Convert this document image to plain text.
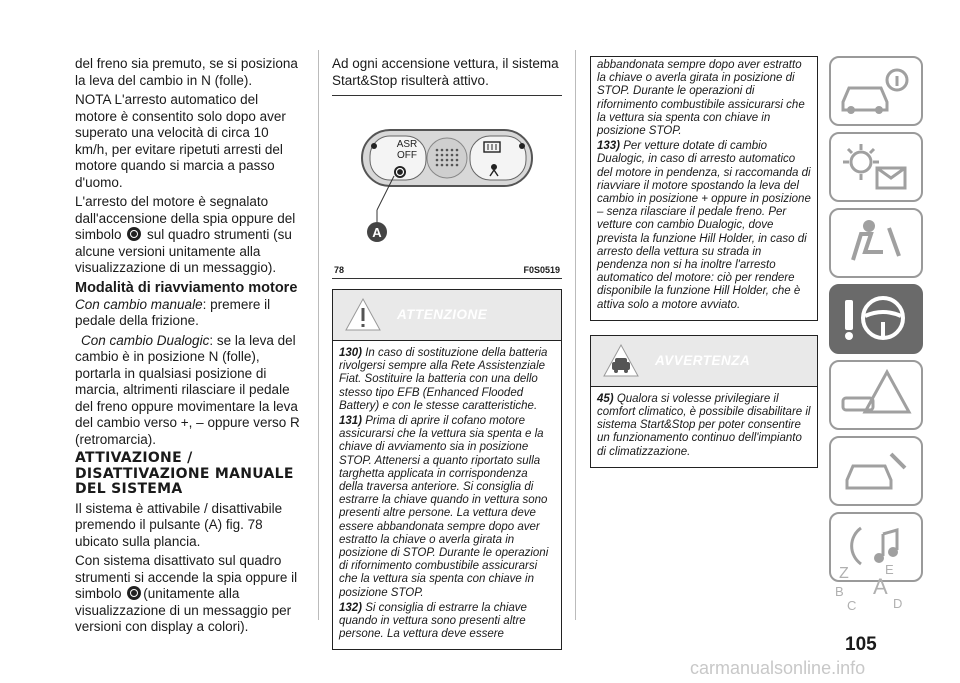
del freno sia premuto, se si posiziona la leva del cambio in N (folle).

NOTA L'arresto automatico del motore è consentito solo dopo aver superato una velocità di circa 10 km/h, per evitare ripetuti arresti del motore quando si marcia a passo d'uomo.

L'arresto del motore è segnalato dall'accensione della spia oppure del simbolo  sul quadro strumenti (su alcune versioni unitamente alla visualizzazione di un messaggio).

Modalità di riavviamento motore

Con cambio manuale: premere il pedale della frizione.

Con cambio Dualogic: se la leva del cambio è in posizione N (folle), portarla in qualsiasi posizione di marcia, altrimenti rilasciare il pedale del freno oppure movimentare la leva del cambio verso +, – oppure verso R (retromarcia).

ATTIVAZIONE / DISATTIVAZIONE MANUALE DEL SISTEMA

Il sistema è attivabile / disattivabile premendo il pulsante (A) fig. 78 ubicato sulla plancia.

Con sistema disattivato sul quadro strumenti si accende la spia oppure il simbolo (unitamente alla visualizzazione di un messaggio per versioni con display a colori).

Ad ogni accensione vettura, il sistema Start&Stop risulterà attivo.

ASR
OFF
A
78	F0S0519
ATTENZIONE

130) In caso di sostituzione della batteria rivolgersi sempre alla Rete Assistenziale Fiat. Sostituire la batteria con una dello stesso tipo EFB (Enhanced Flooded Battery) e con le stesse caratteristiche.

131) Prima di aprire il cofano motore assicurarsi che la vettura sia spenta e la chiave di avviamento sia in posizione STOP. Attenersi a quanto riportato sulla targhetta applicata in corrispondenza della traversa anteriore. Si consiglia di estrarre la chiave quando in vettura sono presenti altre persone. La vettura deve essere abbandonata sempre dopo aver estratto la chiave o averla girata in posizione di STOP. Durante le operazioni di rifornimento combustibile assicurarsi che la vettura sia spenta con chiave in posizione STOP.

132) Si consiglia di estrarre la chiave quando in vettura sono presenti altre persone. La vettura deve essere

abbandonata sempre dopo aver estratto la chiave o averla girata in posizione di STOP. Durante le operazioni di rifornimento combustibile assicurarsi che la vettura sia spenta con chiave in posizione STOP.

133) Per vetture dotate di cambio Dualogic, in caso di arresto automatico del motore in pendenza, si raccomanda di riavviare il motore spostando la leva del cambio in posizione + oppure in posizione – senza rilasciare il pedale freno. Per vetture con cambio Dualogic, dove prevista la funzione Hill Holder, in caso di arresto della vettura su strada in pendenza non si ha inoltre l'arresto automatico del motore: ciò per rendere disponibile la funzione Hill Holder, che è attiva solo a motore avviato.

AVVERTENZA

45) Qualora si volesse privilegiare il comfort climatico, è possibile disabilitare il sistema Start&Stop per poter consentire un funzionamento continuo dell'impianto di climatizzazione.

Z	E
B A
C	D
105
carmanualsonline.info
